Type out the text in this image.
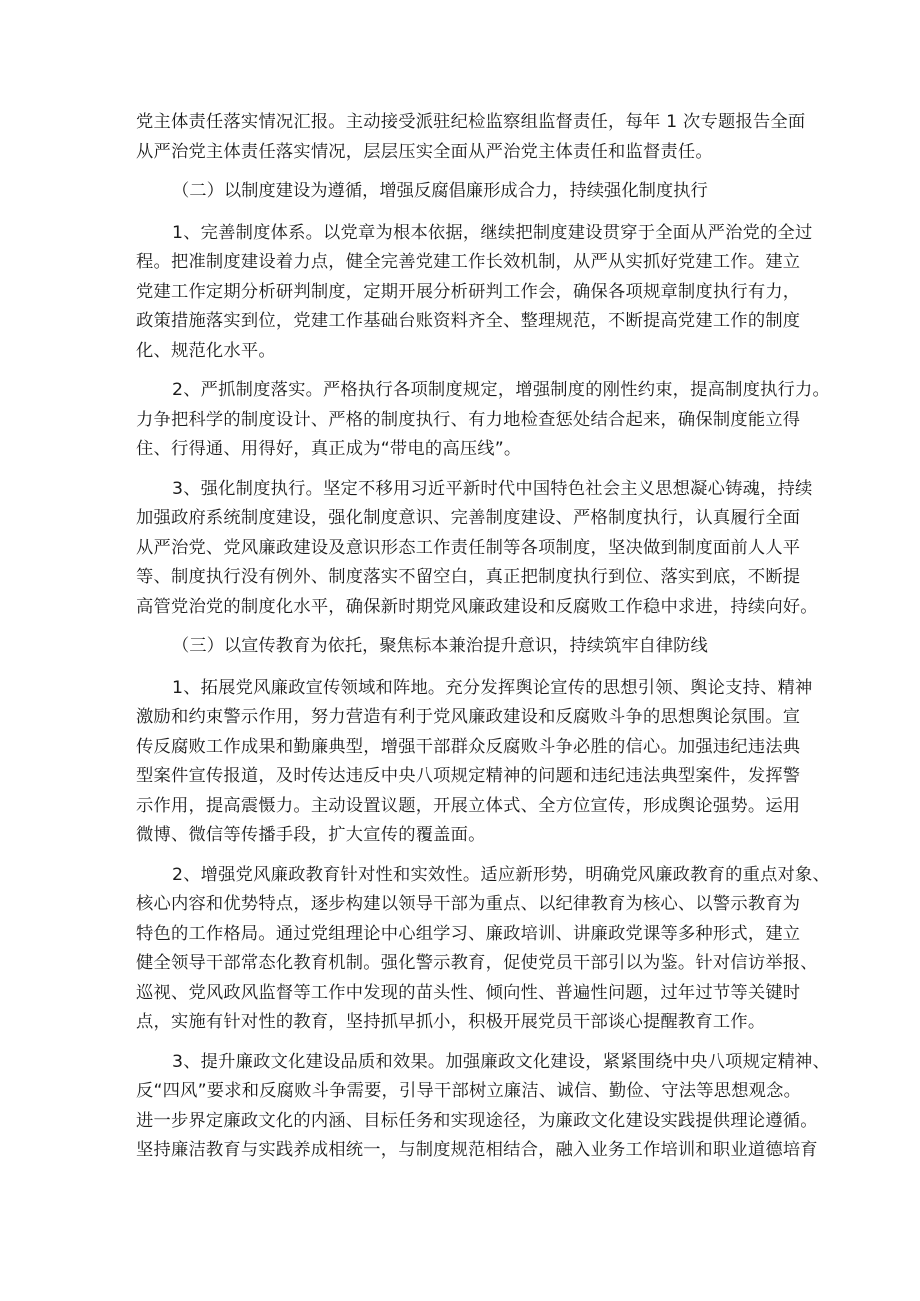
党主体责任落实情况汇报。主动接受派驻纪检监察组监督责任，每年 1 次专题报告全面
从严治党主体责任落实情况，层层压实全面从严治党主体责任和监督责任。
（二）以制度建设为遵循，增强反腐倡廉形成合力，持续强化制度执行
1、完善制度体系。以党章为根本依据，继续把制度建设贯穿于全面从严治党的全过
程。把准制度建设着力点，健全完善党建工作长效机制，从严从实抓好党建工作。建立
党建工作定期分析研判制度，定期开展分析研判工作会，确保各项规章制度执行有力，
政策措施落实到位，党建工作基础台账资料齐全、整理规范，不断提高党建工作的制度
化、规范化水平。
2、严抓制度落实。严格执行各项制度规定，增强制度的刚性约束，提高制度执行力。
力争把科学的制度设计、严格的制度执行、有力地检查惩处结合起来，确保制度能立得
住、行得通、用得好，真正成为“带电的高压线”。
3、强化制度执行。坚定不移用习近平新时代中国特色社会主义思想凝心铸魂，持续
加强政府系统制度建设，强化制度意识、完善制度建设、严格制度执行，认真履行全面
从严治党、党风廉政建设及意识形态工作责任制等各项制度，坚决做到制度面前人人平
等、制度执行没有例外、制度落实不留空白，真正把制度执行到位、落实到底，不断提
高管党治党的制度化水平，确保新时期党风廉政建设和反腐败工作稳中求进，持续向好。
（三）以宣传教育为依托，聚焦标本兼治提升意识，持续筑牢自律防线
1、拓展党风廉政宣传领域和阵地。充分发挥舆论宣传的思想引领、舆论支持、精神
激励和约束警示作用，努力营造有利于党风廉政建设和反腐败斗争的思想舆论氛围。宣
传反腐败工作成果和勤廉典型，增强干部群众反腐败斗争必胜的信心。加强违纪违法典
型案件宣传报道，及时传达违反中央八项规定精神的问题和违纪违法典型案件，发挥警
示作用，提高震慑力。主动设置议题，开展立体式、全方位宣传，形成舆论强势。运用
微博、微信等传播手段，扩大宣传的覆盖面。
2、增强党风廉政教育针对性和实效性。适应新形势，明确党风廉政教育的重点对象、
核心内容和优势特点，逐步构建以领导干部为重点、以纪律教育为核心、以警示教育为
特色的工作格局。通过党组理论中心组学习、廉政培训、讲廉政党课等多种形式，建立
健全领导干部常态化教育机制。强化警示教育，促使党员干部引以为鉴。针对信访举报、
巡视、党风政风监督等工作中发现的苗头性、倾向性、普遍性问题，过年过节等关键时
点，实施有针对性的教育，坚持抓早抓小，积极开展党员干部谈心提醒教育工作。
3、提升廉政文化建设品质和效果。加强廉政文化建设，紧紧围绕中央八项规定精神、
反“四风”要求和反腐败斗争需要，引导干部树立廉洁、诚信、勤俭、守法等思想观念。
进一步界定廉政文化的内涵、目标任务和实现途径，为廉政文化建设实践提供理论遵循。
坚持廉洁教育与实践养成相统一，与制度规范相结合，融入业务工作培训和职业道德培育
